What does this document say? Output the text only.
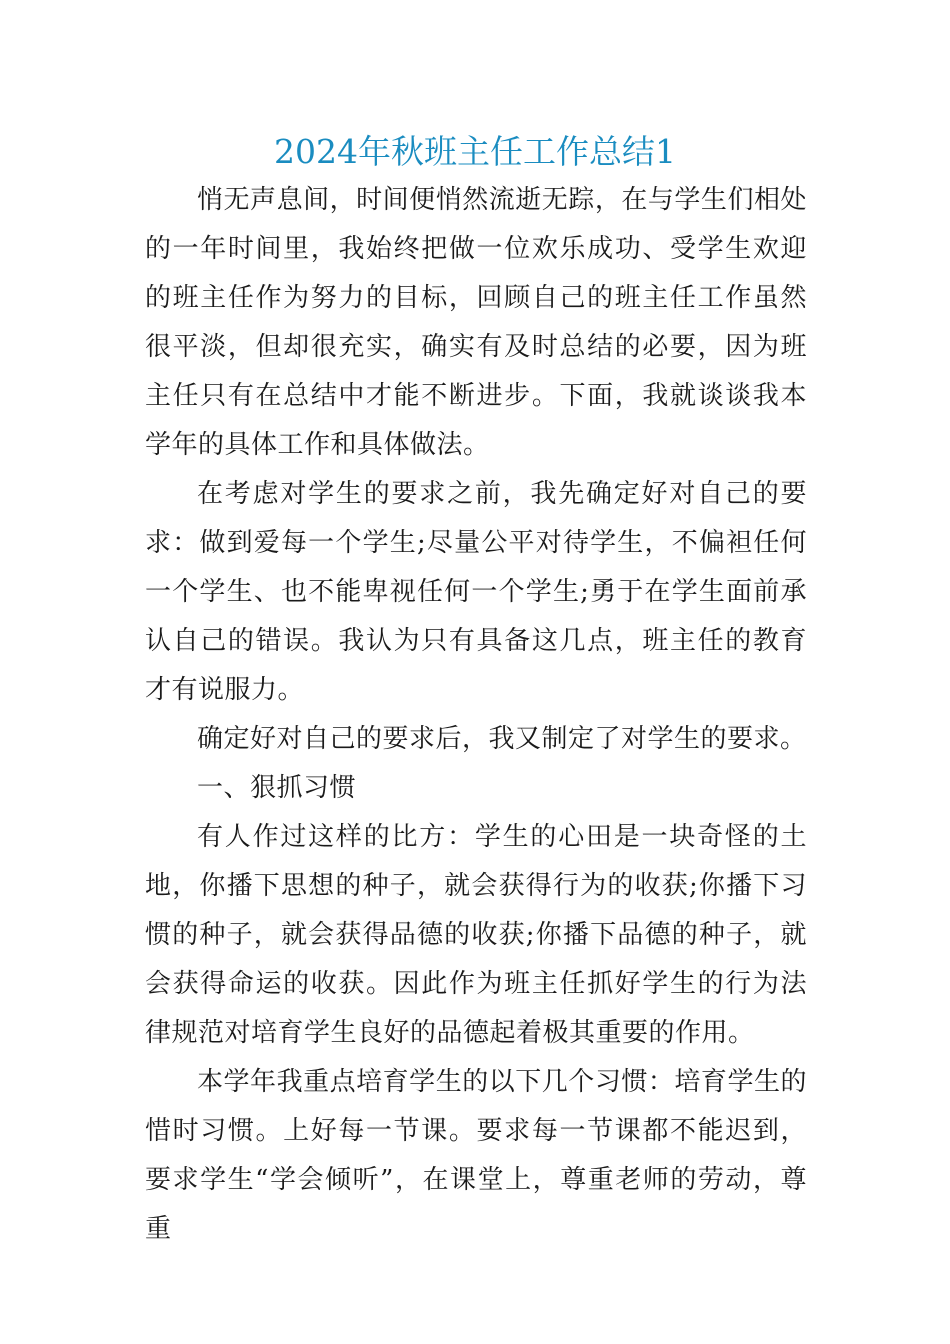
2024年秋班主任工作总结1

悄无声息间，时间便悄然流逝无踪，在与学生们相处的一年时间里，我始终把做一位欢乐成功、受学生欢迎的班主任作为努力的目标，回顾自己的班主任工作虽然很平淡，但却很充实，确实有及时总结的必要，因为班主任只有在总结中才能不断进步。下面，我就谈谈我本学年的具体工作和具体做法。

在考虑对学生的要求之前，我先确定好对自己的要求：做到爱每一个学生;尽量公平对待学生，不偏袒任何一个学生、也不能卑视任何一个学生;勇于在学生面前承认自己的错误。我认为只有具备这几点，班主任的教育才有说服力。

确定好对自己的要求后，我又制定了对学生的要求。

一、狠抓习惯

有人作过这样的比方：学生的心田是一块奇怪的土地，你播下思想的种子，就会获得行为的收获;你播下习惯的种子，就会获得品德的收获;你播下品德的种子，就会获得命运的收获。因此作为班主任抓好学生的行为法律规范对培育学生良好的品德起着极其重要的作用。

本学年我重点培育学生的以下几个习惯：培育学生的惜时习惯。上好每一节课。要求每一节课都不能迟到，要求学生“学会倾听”，在课堂上，尊重老师的劳动，尊重
